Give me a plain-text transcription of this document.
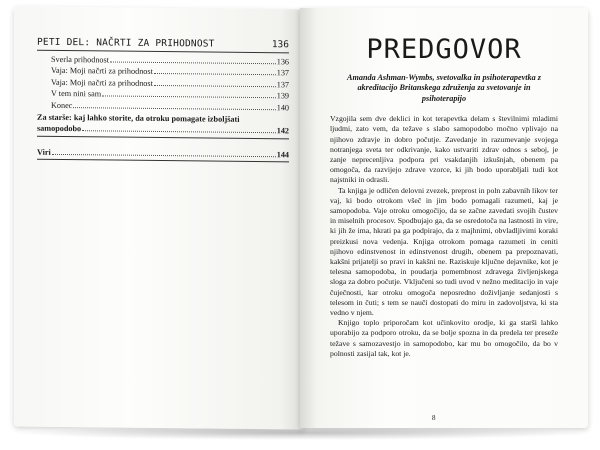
PETI DEL: NAČRTI ZA PRIHODNOST	136
Sverla prihodnost	136
Vaja: Moji načrti za prihodnost	137
Vaja: Moji načrti za prihodnost	137
V tem nini sam	139
Konec	140
Za starše: kaj lahko storite, da otroku pomagate izboljšati
samopodobo	142
Viri	144
PREDGOVOR
Amanda Ashman-Wymbs, svetovalka in psihoterapevtka z akreditacijo Britanskega združenja za svetovanje in psihoterapijo

Vzgojila sem dve deklici in kot terapevtka delam s številnimi mladimi ljudmi, zato vem, da težave s slabo samopodobo močno vplivajo na njihovo zdravje in dobro počutje. Zavedanje in razumevanje svojega notranjega sveta ter odkrivanje, kako ustvariti zdrav odnos s seboj, je zanje neprecenljiva podpora pri vsakdanjih izkušnjah, obenem pa omogoča, da razvijejo zdrave vzorce, ki jih bodo uporabljali tudi kot najstniki in odrasli.

Ta knjiga je odličen delovni zvezek, preprost in poln zabavnih likov ter vaj, ki bodo otrokom všeč in jim bodo pomagali razumeti, kaj je samopodoba. Vaje otroku omogočijo, da se začne zavedati svojih čustev in miselnih procesov. Spodbujajo ga, da se osredotoča na lastnosti in vire, ki jih že ima, hkrati pa ga podpirajo, da z majhnimi, obvladljivimi koraki preizkusi nova vedenja. Knjiga otrokom pomaga razumeti in ceniti njihovo edinstvenost in edinstvenost drugih, obenem pa prepoznavati, kakšni prijatelji so pravi in kakšni ne. Raziskuje ključne dejavnike, kot je telesna samopodoba, in poudarja pomembnost zdravega življenjskega sloga za dobro počutje. Vključeni so tudi uvod v nežno meditacijo in vaje čuječnosti, kar otroku omogoča neposredno doživljanje sedanjosti s telesom in čuti; s tem se naučí dostopati do miru in zadovoljstva, ki sta vedno v njem.

Knjigo toplo priporočam kot učinkovito orodje, ki ga starši lahko uporabijo za podporo otroku, da se bolje spozna in da predela ter preseže težave s samozavestjo in samopodobo, kar mu bo omogočilo, da bo v polnosti zasijal tak, kot je.

8
